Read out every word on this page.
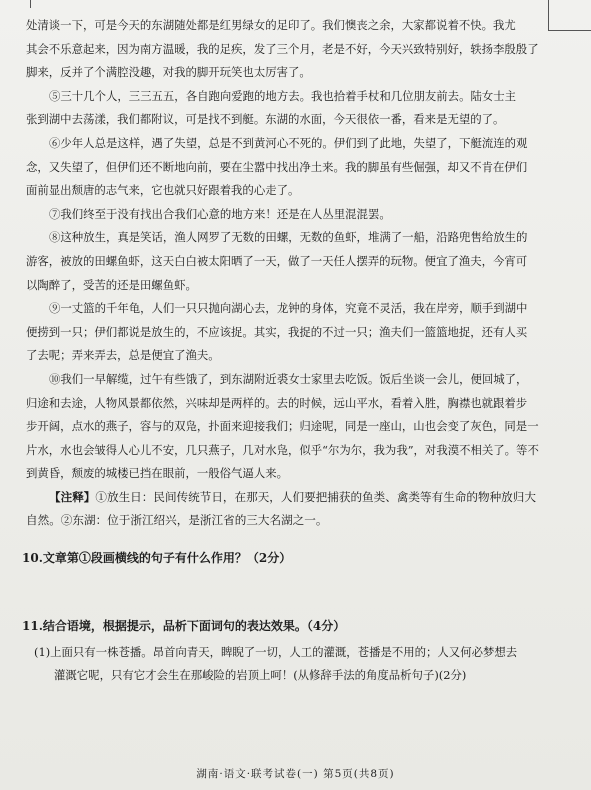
处清谈一下，可是今天的东湖随处都是红男绿女的足印了。我们懊丧之余，大家都说着不快。我尤
其会不乐意起来，因为南方温暖，我的足疾，发了三个月，老是不好，今天兴致特别好，轶扬李殷殷了
脚来，反并了个满腔没趣，对我的脚开玩笑也太厉害了。
⑤三十几个人，三三五五，各自跑向爱跑的地方去。我也拾着手杖和几位朋友前去。陆女士主
张到湖中去荡漾，我们都附议，可是找不到艇。东湖的水面，今天很依一番，看来是无望的了。
⑥少年人总是这样，遇了失望，总是不到黄河心不死的。伊们到了此地，失望了，下艇流连的观
念，又失望了，但伊们还不断地向前，要在尘嚣中找出净土来。我的脚虽有些倔强，却又不肯在伊们
面前显出颓唐的志气来，它也就只好跟着我的心走了。
⑦我们终至于没有找出合我们心意的地方来！还是在人丛里混混罢。
⑧这种放生，真是笑话，渔人网罗了无数的田螺，无数的鱼虾，堆满了一船，沿路兜售给放生的
游客，被放的田螺鱼虾，这天白白被太阳晒了一天，做了一天任人摆弄的玩物。便宜了渔夫，今宵可
以陶醉了，受苦的还是田螺鱼虾。
⑨一丈篮的千年龟，人们一只只抛向湖心去，龙钟的身体，究竟不灵活，我在岸旁，顺手到湖中
便捞到一只；伊们都说是放生的，不应该捉。其实，我捉的不过一只；渔夫们一篮篮地捉，还有人买
了去呢；弄来弄去，总是便宜了渔夫。
⑩我们一早解缆，过午有些饿了，到东湖附近裘女士家里去吃饭。饭后坐谈一会儿，便回城了，
归途和去途，人物风景都依然，兴味却是两样的。去的时候，远山平水，看着入胜，胸襟也就跟着步
步开阔，点水的燕子，容与的双凫，扑面来迎接我们；归途呢，同是一座山，山也会变了灰色，同是一
片水，水也会皱得人心儿不安，几只燕子，几对水凫，似乎“尔为尔，我为我”，对我漠不相关了。等不
到黄昏，颓废的城楼已挡在眼前，一般俗气逼人来。
【注释】①放生日：民间传统节日，在那天，人们要把捕获的鱼类、禽类等有生命的物种放归大
自然。②东湖：位于浙江绍兴，是浙江省的三大名湖之一。
10.文章第①段画横线的句子有什么作用？（2分）
11.结合语境，根据提示，品析下面词句的表达效果。（4分）
(1)上面只有一株苍播。昂首向青天，睥睨了一切，人工的灌溉，苍播是不用的；人又何必梦想去
灌溉它呢，只有它才会生在那峻险的岩顶上呵！(从修辞手法的角度品析句子)(2分)
湖南·语文·联考试卷(一) 第5页(共8页)
